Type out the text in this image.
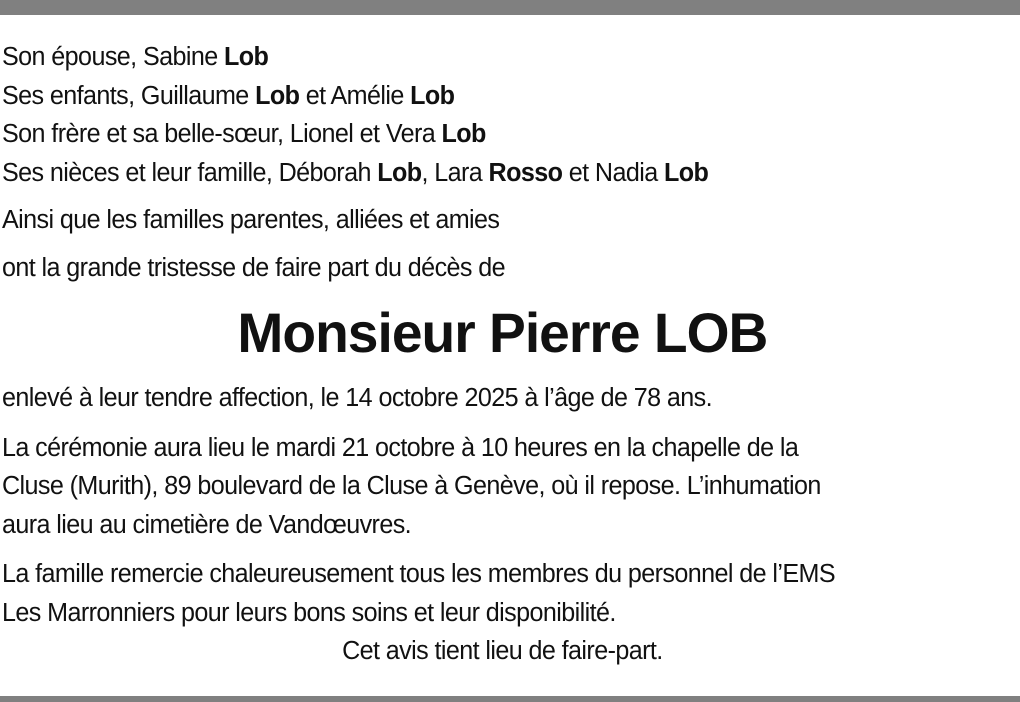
Son épouse, Sabine Lob

Ses enfants, Guillaume Lob et Amélie Lob

Son frère et sa belle-sœur, Lionel et Vera Lob

Ses nièces et leur famille, Déborah Lob, Lara Rosso et Nadia Lob

Ainsi que les familles parentes, alliées et amies

ont la grande tristesse de faire part du décès de

Monsieur Pierre LOB

enlevé à leur tendre affection, le 14 octobre 2025 à l’âge de 78 ans.

La cérémonie aura lieu le mardi 21 octobre à 10 heures en la chapelle de la

Cluse (Murith), 89 boulevard de la Cluse à Genève, où il repose. L’inhumation

aura lieu au cimetière de Vandœuvres.

La famille remercie chaleureusement tous les membres du personnel de l’EMS

Les Marronniers pour leurs bons soins et leur disponibilité.

Cet avis tient lieu de faire-part.
